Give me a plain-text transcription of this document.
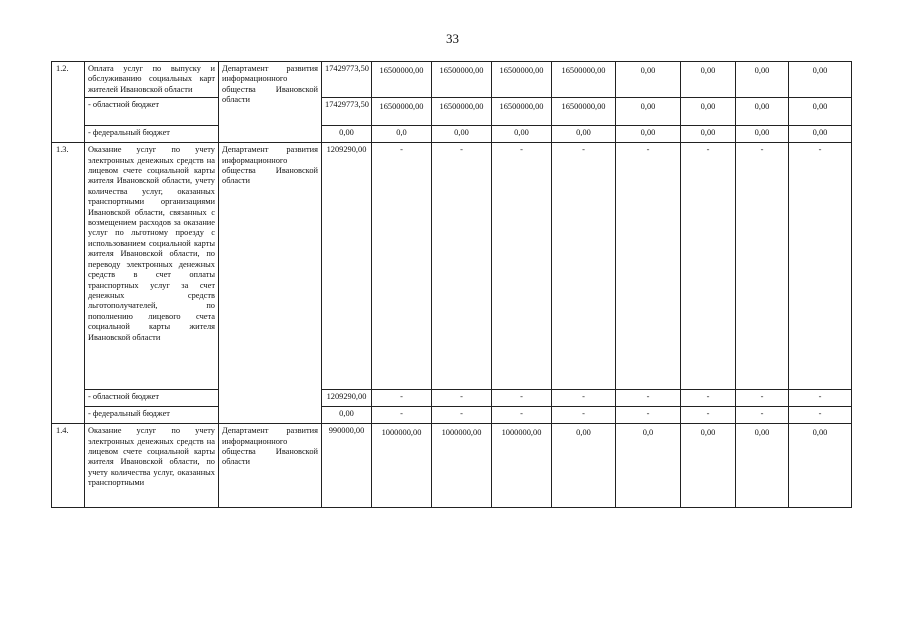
33
1.2.	Оплата услуг по выпуску и обслуживанию социальных карт жителей Ивановской области	Департамент развития информационного общества Ивановской области	17429773,50	16500000,00	16500000,00	16500000,00	16500000,00	0,00	0,00	0,00	0,00
	- областной бюджет		17429773,50	16500000,00	16500000,00	16500000,00	16500000,00	0,00	0,00	0,00	0,00
	- федеральный бюджет		0,00	0,0	0,00	0,00	0,00	0,00	0,00	0,00	0,00
1.3.	Оказание услуг по учету электронных денежных средств на лицевом счете социальной карты жителя Ивановской области, учету количества услуг, оказанных транспортными организациями Ивановской области, связанных с возмещением расходов за оказание услуг по льготному проезду с использованием социальной карты жителя Ивановской области, по переводу электронных денежных средств в счет оплаты транспортных услуг за счет денежных средств льготополучателей, по пополнению лицевого счета социальной карты жителя Ивановской области	Департамент развития информационного общества Ивановской области	1209290,00	-	-	-	-	-	-	-	-
	- областной бюджет		1209290,00	-	-	-	-	-	-	-	-
	- федеральный бюджет		0,00	-	-	-	-	-	-	-	-
1.4.	Оказание услуг по учету электронных денежных средств на лицевом счете социальной карты жителя Ивановской области, по учету количества услуг, оказанных транспортными	Департамент развития информационного общества Ивановской области	990000,00	1000000,00	1000000,00	1000000,00	0,00	0,0	0,00	0,00	0,00
